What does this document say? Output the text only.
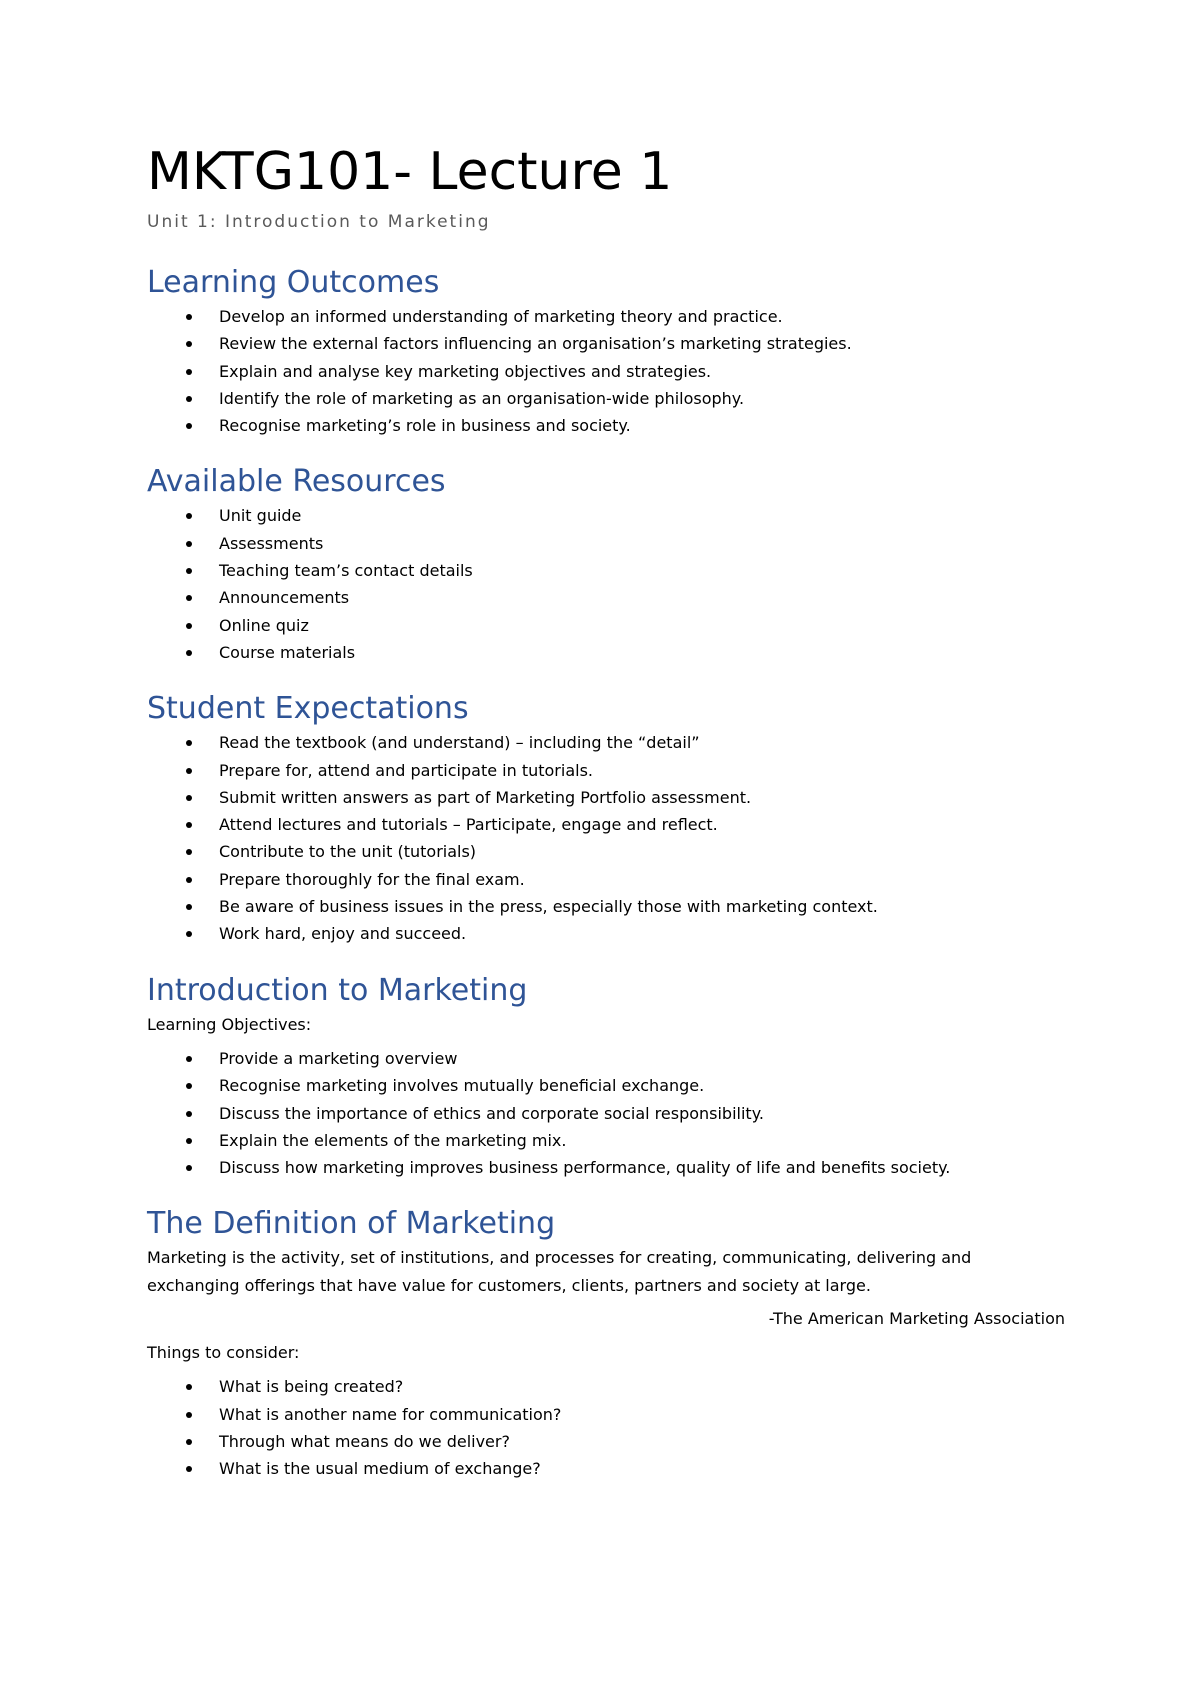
MKTG101- Lecture 1

Unit 1: Introduction to Marketing

Learning Outcomes
Develop an informed understanding of marketing theory and practice.
Review the external factors influencing an organisation’s marketing strategies.
Explain and analyse key marketing objectives and strategies.
Identify the role of marketing as an organisation-wide philosophy.
Recognise marketing’s role in business and society.
Available Resources
Unit guide
Assessments
Teaching team’s contact details
Announcements
Online quiz
Course materials
Student Expectations
Read the textbook (and understand) – including the “detail”
Prepare for, attend and participate in tutorials.
Submit written answers as part of Marketing Portfolio assessment.
Attend lectures and tutorials – Participate, engage and reflect.
Contribute to the unit (tutorials)
Prepare thoroughly for the final exam.
Be aware of business issues in the press, especially those with marketing context.
Work hard, enjoy and succeed.
Introduction to Marketing

Learning Objectives:

Provide a marketing overview
Recognise marketing involves mutually beneficial exchange.
Discuss the importance of ethics and corporate social responsibility.
Explain the elements of the marketing mix.
Discuss how marketing improves business performance, quality of life and benefits society.
The Definition of Marketing

Marketing is the activity, set of institutions, and processes for creating, communicating, delivering and exchanging offerings that have value for customers, clients, partners and society at large.

-The American Marketing Association

Things to consider:

What is being created?
What is another name for communication?
Through what means do we deliver?
What is the usual medium of exchange?
